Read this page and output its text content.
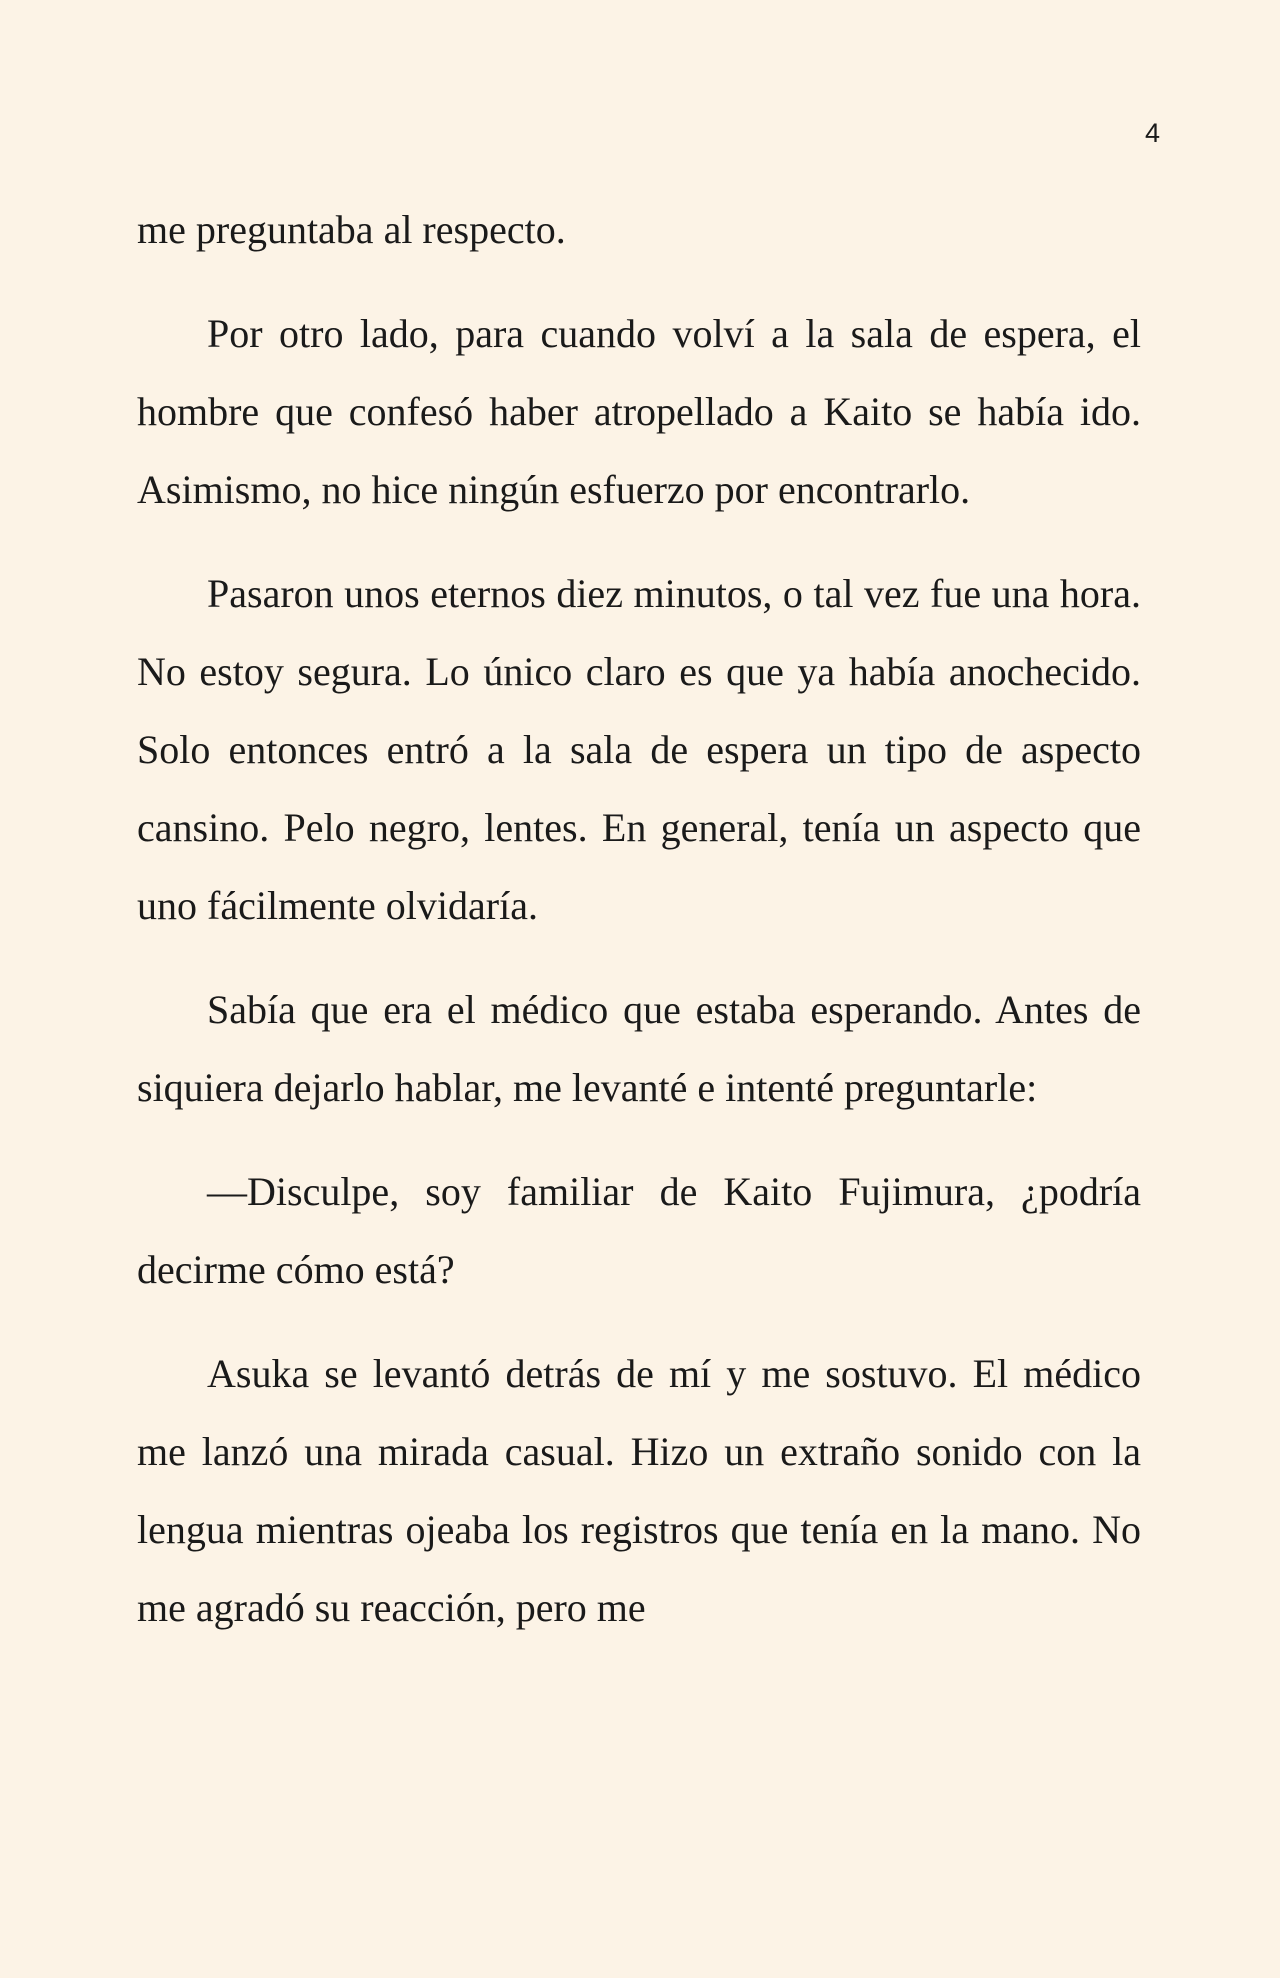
4

me preguntaba al respecto.

Por otro lado, para cuando volví a la sala de espera, el hombre que confesó haber atropellado a Kaito se había ido. Asimismo, no hice ningún esfuerzo por encontrarlo.

Pasaron unos eternos diez minutos, o tal vez fue una hora. No estoy segura. Lo único claro es que ya había anochecido. Solo entonces entró a la sala de espera un tipo de aspecto cansino. Pelo negro, lentes. En general, tenía un aspecto que uno fácilmente olvidaría.

Sabía que era el médico que estaba esperando. Antes de siquiera dejarlo hablar, me levanté e intenté preguntarle:

—Disculpe, soy familiar de Kaito Fujimura, ¿podría decirme cómo está?

Asuka se levantó detrás de mí y me sostuvo. El médico me lanzó una mirada casual. Hizo un extraño sonido con la lengua mientras ojeaba los registros que tenía en la mano. No me agradó su reacción, pero me
